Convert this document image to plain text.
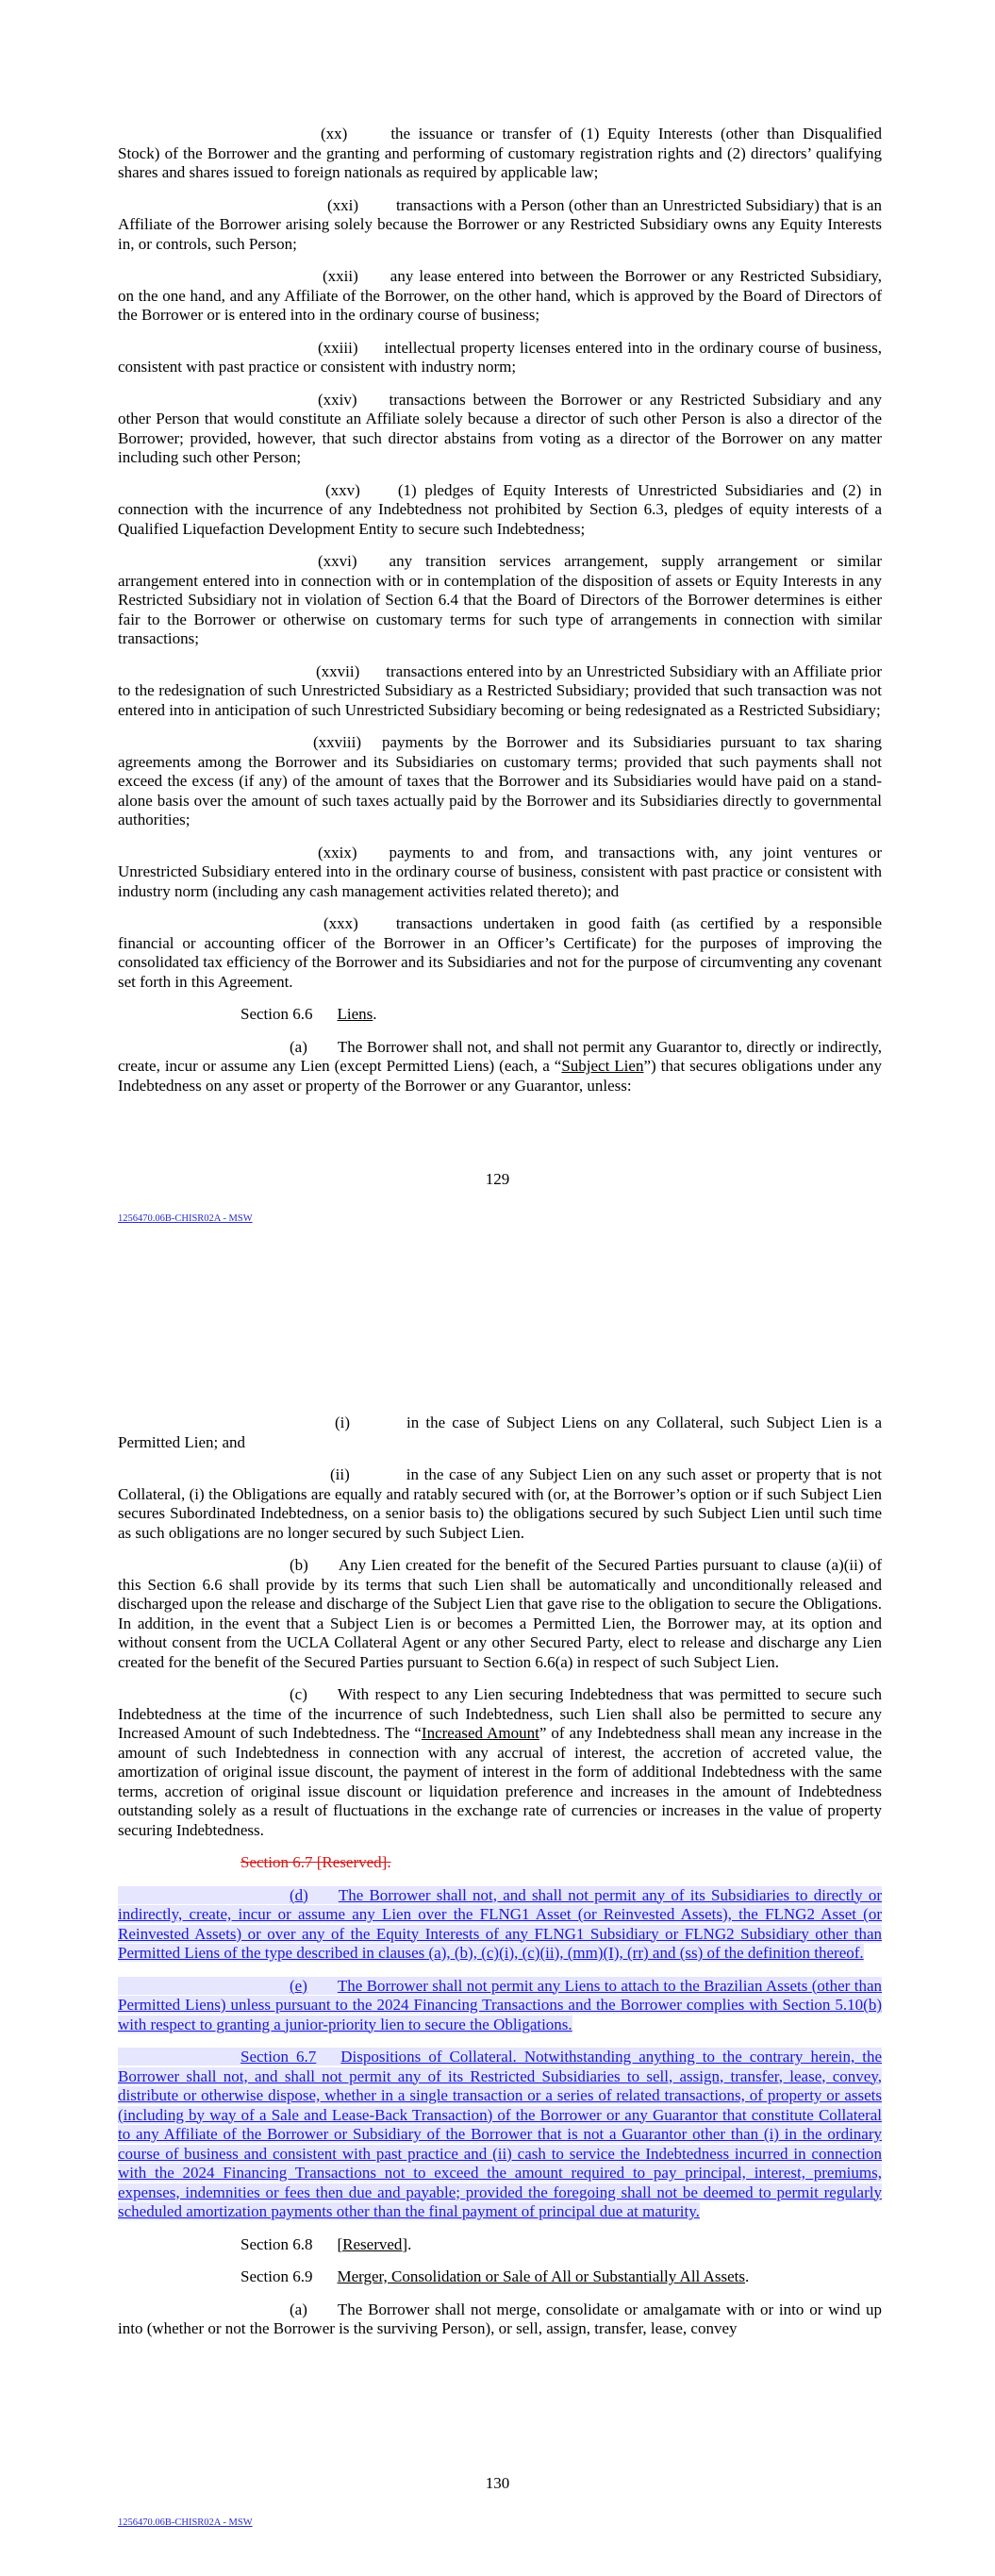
(xx)	the issuance or transfer of (1) Equity Interests (other than Disqualified Stock) of the Borrower and the granting and performing of customary registration rights and (2) directors’ qualifying shares and shares issued to foreign nationals as required by applicable law;

(xxi) transactions with a Person (other than an Unrestricted Subsidiary) that is an Affiliate of the Borrower arising solely because the Borrower or any Restricted Subsidiary owns any Equity Interests in, or controls, such Person;

(xxii) any lease entered into between the Borrower or any Restricted Subsidiary, on the one hand, and any Affiliate of the Borrower, on the other hand, which is approved by the Board of Directors of the Borrower or is entered into in the ordinary course of business;

(xxiii) intellectual property licenses entered into in the ordinary course of business, consistent with past practice or consistent with industry norm;

(xxiv) transactions between the Borrower or any Restricted Subsidiary and any other Person that would constitute an Affiliate solely because a director of such other Person is also a director of the Borrower; provided, however, that such director abstains from voting as a director of the Borrower on any matter including such other Person;

(xxv) (1) pledges of Equity Interests of Unrestricted Subsidiaries and (2) in connection with the incurrence of any Indebtedness not prohibited by Section 6.3, pledges of equity interests of a Qualified Liquefaction Development Entity to secure such Indebtedness;

(xxvi) any transition services arrangement, supply arrangement or similar arrangement entered into in connection with or in contemplation of the disposition of assets or Equity Interests in any Restricted Subsidiary not in violation of Section 6.4 that the Board of Directors of the Borrower determines is either fair to the Borrower or otherwise on customary terms for such type of arrangements in connection with similar transactions;

(xxvii) transactions entered into by an Unrestricted Subsidiary with an Affiliate prior to the redesignation of such Unrestricted Subsidiary as a Restricted Subsidiary; provided that such transaction was not entered into in anticipation of such Unrestricted Subsidiary becoming or being redesignated as a Restricted Subsidiary;

(xxviii) payments by the Borrower and its Subsidiaries pursuant to tax sharing agreements among the Borrower and its Subsidiaries on customary terms; provided that such payments shall not exceed the excess (if any) of the amount of taxes that the Borrower and its Subsidiaries would have paid on a stand-alone basis over the amount of such taxes actually paid by the Borrower and its Subsidiaries directly to governmental authorities;

(xxix) payments to and from, and transactions with, any joint ventures or Unrestricted Subsidiary entered into in the ordinary course of business, consistent with past practice or consistent with industry norm (including any cash management activities related thereto); and

(xxx) transactions undertaken in good faith (as certified by a responsible financial or accounting officer of the Borrower in an Officer’s Certificate) for the purposes of improving the consolidated tax efficiency of the Borrower and its Subsidiaries and not for the purpose of circumventing any covenant set forth in this Agreement.

Section 6.6 Liens.

(a) The Borrower shall not, and shall not permit any Guarantor to, directly or indirectly, create, incur or assume any Lien (except Permitted Liens) (each, a “Subject Lien”) that secures obligations under any Indebtedness on any asset or property of the Borrower or any Guarantor, unless:

129
1256470.06B-CHISR02A - MSW

(i)	in the case of Subject Liens on any Collateral, such Subject Lien is a Permitted Lien; and

(ii)	in the case of any Subject Lien on any such asset or property that is not Collateral, (i) the Obligations are equally and ratably secured with (or, at the Borrower’s option or if such Subject Lien secures Subordinated Indebtedness, on a senior basis to) the obligations secured by such Subject Lien until such time as such obligations are no longer secured by such Subject Lien.

(b) Any Lien created for the benefit of the Secured Parties pursuant to clause (a)(ii) of this Section 6.6 shall provide by its terms that such Lien shall be automatically and unconditionally released and discharged upon the release and discharge of the Subject Lien that gave rise to the obligation to secure the Obligations. In addition, in the event that a Subject Lien is or becomes a Permitted Lien, the Borrower may, at its option and without consent from the UCLA Collateral Agent or any other Secured Party, elect to release and discharge any Lien created for the benefit of the Secured Parties pursuant to Section 6.6(a) in respect of such Subject Lien.

(c) With respect to any Lien securing Indebtedness that was permitted to secure such Indebtedness at the time of the incurrence of such Indebtedness, such Lien shall also be permitted to secure any Increased Amount of such Indebtedness. The “Increased Amount” of any Indebtedness shall mean any increase in the amount of such Indebtedness in connection with any accrual of interest, the accretion of accreted value, the amortization of original issue discount, the payment of interest in the form of additional Indebtedness with the same terms, accretion of original issue discount or liquidation preference and increases in the amount of Indebtedness outstanding solely as a result of fluctuations in the exchange rate of currencies or increases in the value of property securing Indebtedness.

Section 6.7 [Reserved].

(d) The Borrower shall not, and shall not permit any of its Subsidiaries to directly or indirectly, create, incur or assume any Lien over the FLNG1 Asset (or Reinvested Assets), the FLNG2 Asset (or Reinvested Assets) or over any of the Equity Interests of any FLNG1 Subsidiary or FLNG2 Subsidiary other than Permitted Liens of the type described in clauses (a), (b), (c)(i), (c)(ii), (mm)(I), (rr) and (ss) of the definition thereof.

(e) The Borrower shall not permit any Liens to attach to the Brazilian Assets (other than Permitted Liens) unless pursuant to the 2024 Financing Transactions and the Borrower complies with Section 5.10(b) with respect to granting a junior-priority lien to secure the Obligations.

Section 6.7 Dispositions of Collateral. Notwithstanding anything to the contrary herein, the Borrower shall not, and shall not permit any of its Restricted Subsidiaries to sell, assign, transfer, lease, convey, distribute or otherwise dispose, whether in a single transaction or a series of related transactions, of property or assets (including by way of a Sale and Lease-Back Transaction) of the Borrower or any Guarantor that constitute Collateral to any Affiliate of the Borrower or Subsidiary of the Borrower that is not a Guarantor other than (i) in the ordinary course of business and consistent with past practice and (ii) cash to service the Indebtedness incurred in connection with the 2024 Financing Transactions not to exceed the amount required to pay principal, interest, premiums, expenses, indemnities or fees then due and payable; provided the foregoing shall not be deemed to permit regularly scheduled amortization payments other than the final payment of principal due at maturity.

Section 6.8 [Reserved].

Section 6.9 Merger, Consolidation or Sale of All or Substantially All Assets.

(a) The Borrower shall not merge, consolidate or amalgamate with or into or wind up into (whether or not the Borrower is the surviving Person), or sell, assign, transfer, lease, convey

130
1256470.06B-CHISR02A - MSW
